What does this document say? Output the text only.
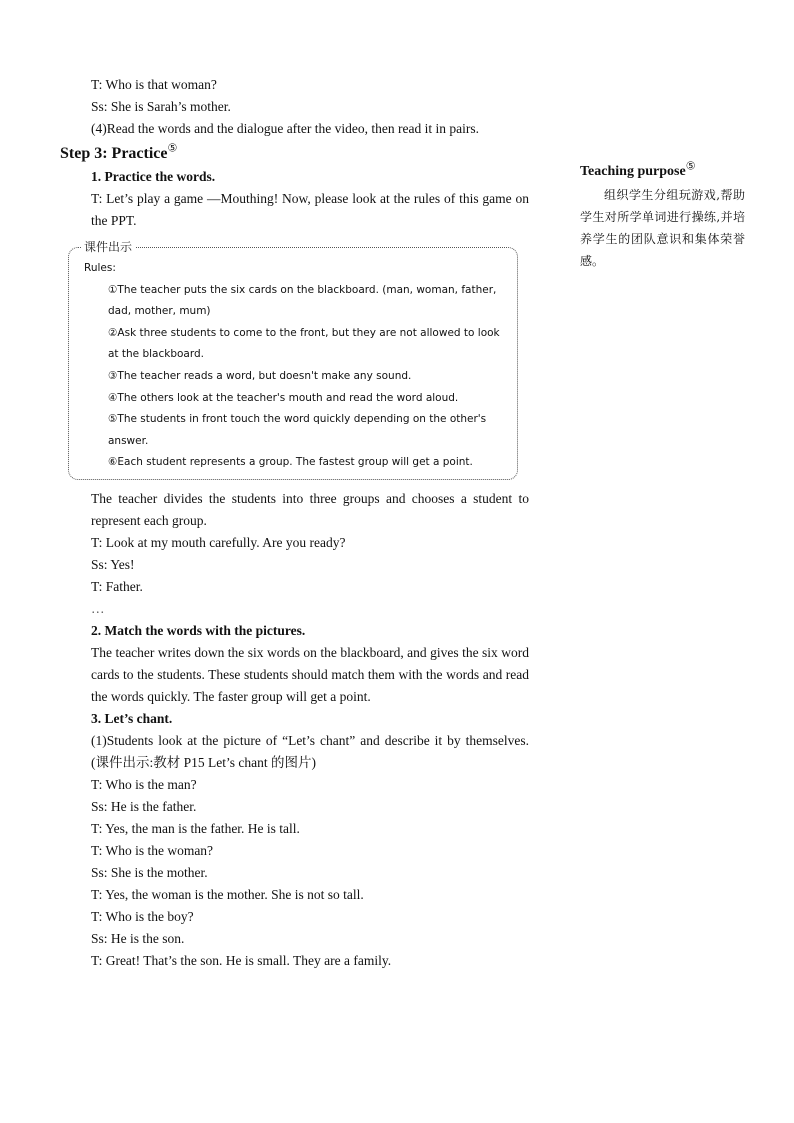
T: Who is that woman?

Ss: She is Sarah’s mother.

(4)Read the words and the dialogue after the video, then read it in pairs.

Step 3: Practice⑤
1. Practice the words.

T: Let’s play a game —Mouthing! Now, please look at the rules of this game on the PPT.

课件出示

Rules:

①The teacher puts the six cards on the blackboard. (man, woman, father, dad, mother, mum)

②Ask three students to come to the front, but they are not allowed to look at the blackboard.

③The teacher reads a word, but doesn't make any sound.

④The others look at the teacher's mouth and read the word aloud.

⑤The students in front touch the word quickly depending on the other's answer.

⑥Each student represents a group. The fastest group will get a point.

The teacher divides the students into three groups and chooses a student to represent each group.

T: Look at my mouth carefully. Are you ready?

Ss: Yes!

T: Father.

…

2. Match the words with the pictures.

The teacher writes down the six words on the blackboard, and gives the six word cards to the students. These students should match them with the words and read the words quickly. The faster group will get a point.

3. Let’s chant.

(1)Students look at the picture of “Let’s chant” and describe it by themselves. (课件出示:教材 P15 Let’s chant 的图片)

T: Who is the man?

Ss: He is the father.

T: Yes, the man is the father. He is tall.

T: Who is the woman?

Ss: She is the mother.

T: Yes, the woman is the mother. She is not so tall.

T: Who is the boy?

Ss: He is the son.

T: Great! That’s the son. He is small. They are a family.

Teaching purpose⑤

组织学生分组玩游戏,帮助学生对所学单词进行操练,并培养学生的团队意识和集体荣誉感。
